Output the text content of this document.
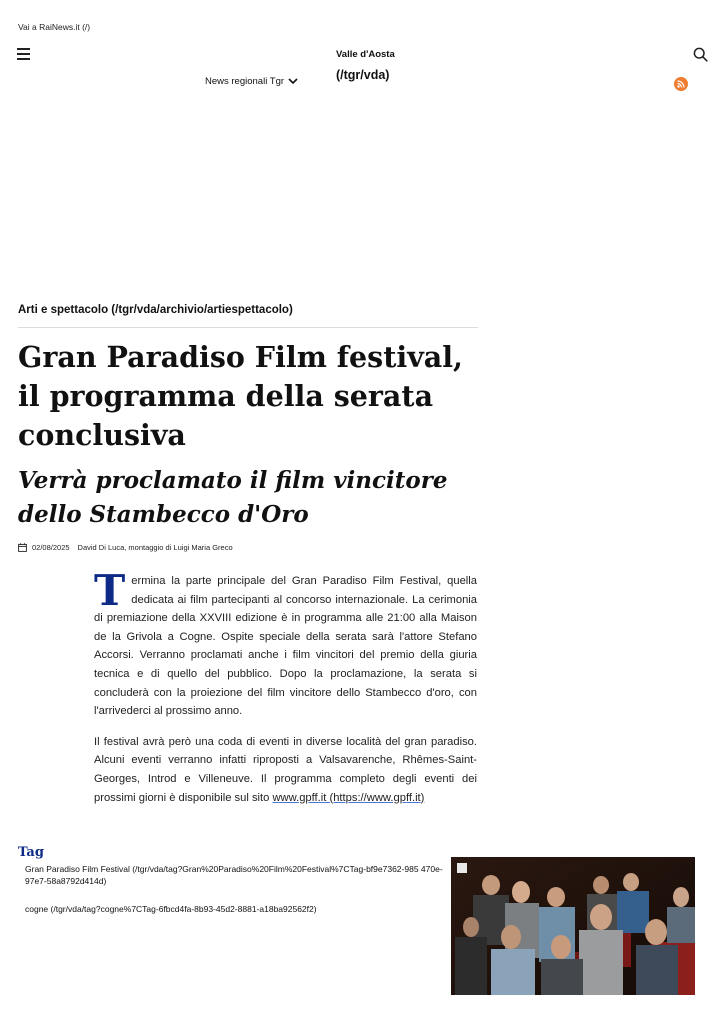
Vai a RaiNews.it (/)
Valle d'Aosta
(/tgr/vda)
News regionali Tgr
Arti e spettacolo (/tgr/vda/archivio/artiespettacolo)
Gran Paradiso Film festival, il programma della serata conclusiva
Verrà proclamato il film vincitore dello Stambecco d'Oro
02/08/2025 David Di Luca, montaggio di Luigi Maria Greco

Termina la parte principale del Gran Paradiso Film Festival, quella dedicata ai film partecipanti al concorso internazionale. La cerimonia di premiazione della XXVIII edizione è in programma alle 21:00 alla Maison de la Grivola a Cogne. Ospite speciale della serata sarà l'attore Stefano Accorsi. Verranno proclamati anche i film vincitori del premio della giuria tecnica e di quello del pubblico. Dopo la proclamazione, la serata si concluderà con la proiezione del film vincitore dello Stambecco d'oro, con l'arrivederci al prossimo anno.

Il festival avrà però una coda di eventi in diverse località del gran paradiso. Alcuni eventi verranno infatti riproposti a Valsavarenche, Rhêmes-Saint-Georges, Introd e Villeneuve. Il programma completo degli eventi dei prossimi giorni è disponibile sul sito www.gpff.it (https://www.gpff.it)

Tag
Gran Paradiso Film Festival (/tgr/vda/tag?Gran%20Paradiso%20Film%20Festival%7CTag-bf9e7362-985 470e-97e7-58a8792d414d)
cogne (/tgr/vda/tag?cogne%7CTag-6fbcd4fa-8b93-45d2-8881-a18ba92562f2)
